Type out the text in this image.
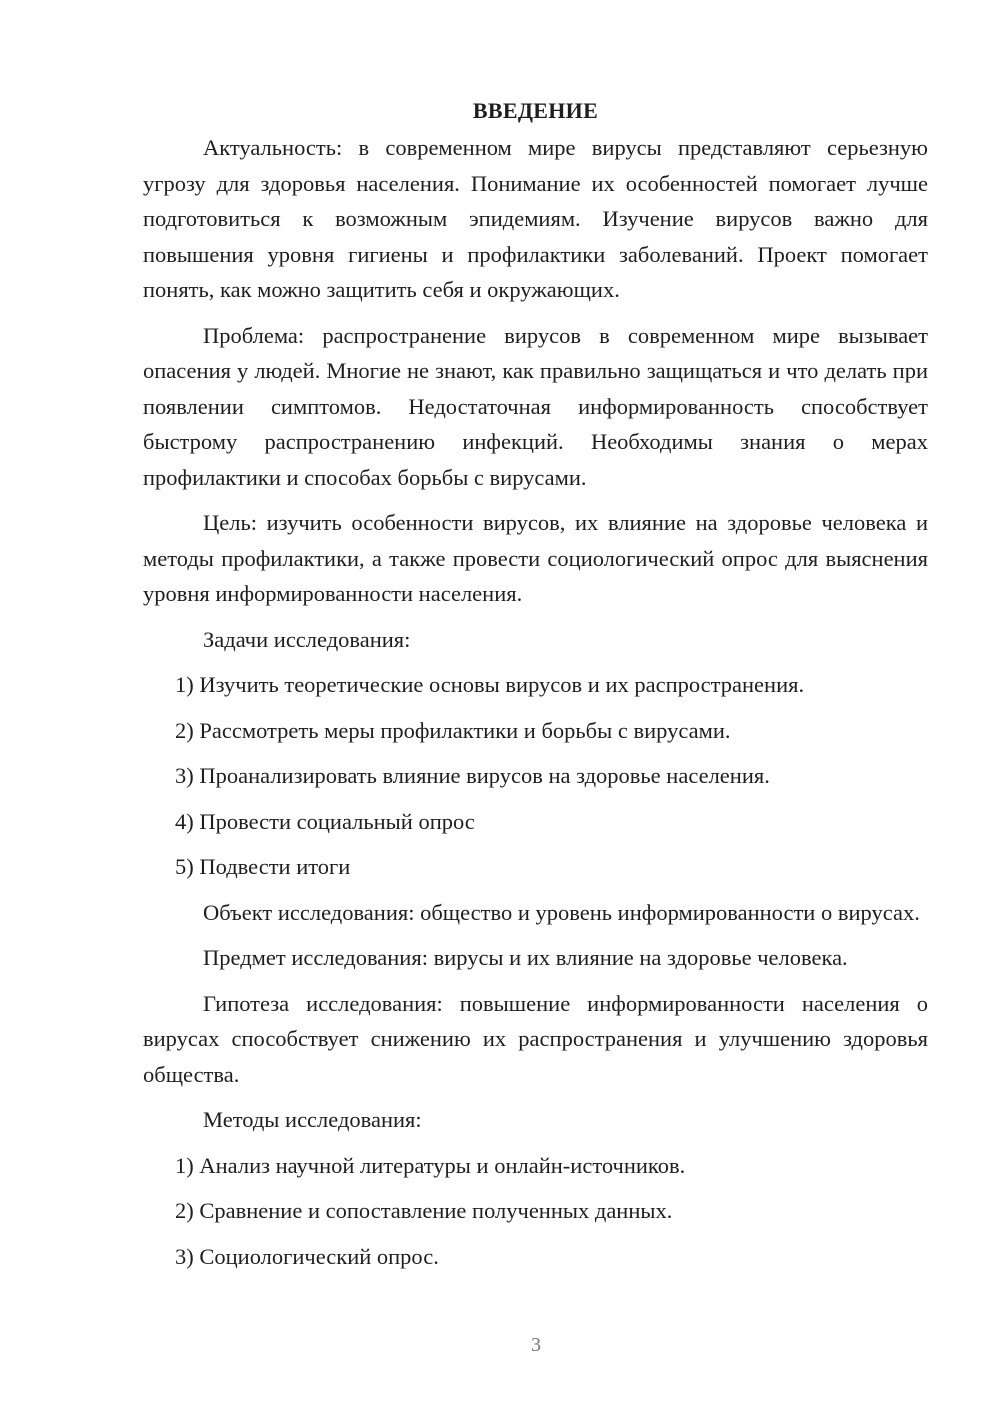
ВВЕДЕНИЕ

Актуальность: в современном мире вирусы представляют серьезную угрозу для здоровья населения. Понимание их особенностей помогает лучше подготовиться к возможным эпидемиям. Изучение вирусов важно для повышения уровня гигиены и профилактики заболеваний. Проект помогает понять, как можно защитить себя и окружающих.

Проблема: распространение вирусов в современном мире вызывает опасения у людей. Многие не знают, как правильно защищаться и что делать при появлении симптомов. Недостаточная информированность способствует быстрому распространению инфекций. Необходимы знания о мерах профилактики и способах борьбы с вирусами.

Цель: изучить особенности вирусов, их влияние на здоровье человека и методы профилактики, а также провести социологический опрос для выяснения уровня информированности населения.

Задачи исследования:

1) Изучить теоретические основы вирусов и их распространения.
2) Рассмотреть меры профилактики и борьбы с вирусами.
3) Проанализировать влияние вирусов на здоровье населения.
4) Провести социальный опрос
5) Подвести итоги

Объект исследования: общество и уровень информированности о вирусах.

Предмет исследования: вирусы и их влияние на здоровье человека.

Гипотеза исследования: повышение информированности населения о вирусах способствует снижению их распространения и улучшению здоровья общества.

Методы исследования:

1) Анализ научной литературы и онлайн-источников.
2) Сравнение и сопоставление полученных данных.
3) Социологический опрос.
3
